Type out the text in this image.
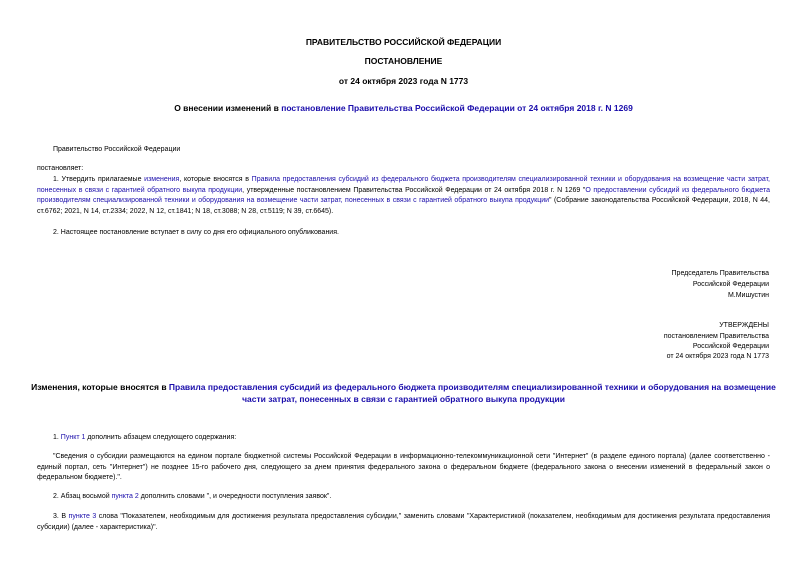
ПРАВИТЕЛЬСТВО РОССИЙСКОЙ ФЕДЕРАЦИИ
ПОСТАНОВЛЕНИЕ
от 24 октября 2023 года N 1773
О внесении изменений в постановление Правительства Российской Федерации от 24 октября 2018 г. N 1269
Правительство Российской Федерации
постановляет:
1. Утвердить прилагаемые изменения, которые вносятся в Правила предоставления субсидий из федерального бюджета производителям специализированной техники и оборудования на возмещение части затрат, понесенных в связи с гарантией обратного выкупа продукции, утвержденные постановлением Правительства Российской Федерации от 24 октября 2018 г. N 1269 "О предоставлении субсидий из федерального бюджета производителям специализированной техники и оборудования на возмещение части затрат, понесенных в связи с гарантией обратного выкупа продукции" (Собрание законодательства Российской Федерации, 2018, N 44, ст.6762; 2021, N 14, ст.2334; 2022, N 12, ст.1841; N 18, ст.3088; N 28, ст.5119; N 39, ст.6645).
2. Настоящее постановление вступает в силу со дня его официального опубликования.
Председатель Правительства
Российской Федерации
М.Мишустин
УТВЕРЖДЕНЫ
постановлением Правительства
Российской Федерации
от 24 октября 2023 года N 1773
Изменения, которые вносятся в Правила предоставления субсидий из федерального бюджета производителям специализированной техники и оборудования на возмещение части затрат, понесенных в связи с гарантией обратного выкупа продукции
1. Пункт 1 дополнить абзацем следующего содержания:
"Сведения о субсидии размещаются на едином портале бюджетной системы Российской Федерации в информационно-телекоммуникационной сети "Интернет" (в разделе единого портала) (далее соответственно - единый портал, сеть "Интернет") не позднее 15-го рабочего дня, следующего за днем принятия федерального закона о федеральном бюджете (федерального закона о внесении изменений в федеральный закон о федеральном бюджете).".
2. Абзац восьмой пункта 2 дополнить словами ", и очередности поступления заявок".
3. В пункте 3 слова "Показателем, необходимым для достижения результата предоставления субсидии," заменить словами "Характеристикой (показателем, необходимым для достижения результата предоставления субсидии) (далее - характеристика)".
